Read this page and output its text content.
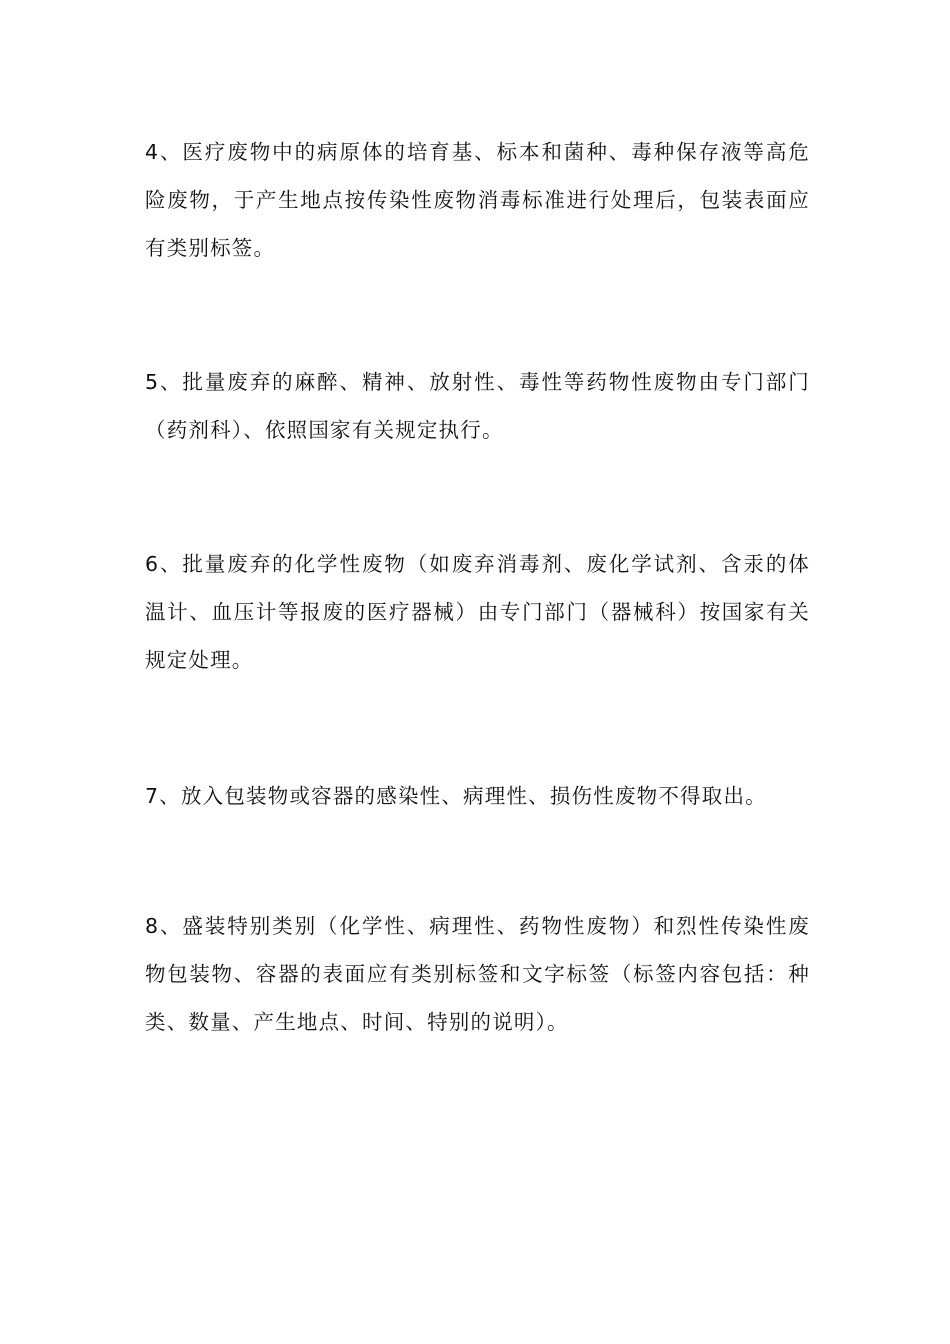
4、医疗废物中的病原体的培育基、标本和菌种、毒种保存液等高危险废物，于产生地点按传染性废物消毒标准进行处理后，包装表面应有类别标签。

5、批量废弃的麻醉、精神、放射性、毒性等药物性废物由专门部门（药剂科）、依照国家有关规定执行。

6、批量废弃的化学性废物（如废弃消毒剂、废化学试剂、含汞的体温计、血压计等报废的医疗器械）由专门部门（器械科）按国家有关规定处理。

7、放入包装物或容器的感染性、病理性、损伤性废物不得取出。

8、盛装特别类别（化学性、病理性、药物性废物）和烈性传染性废物包装物、容器的表面应有类别标签和文字标签（标签内容包括：种类、数量、产生地点、时间、特别的说明）。
